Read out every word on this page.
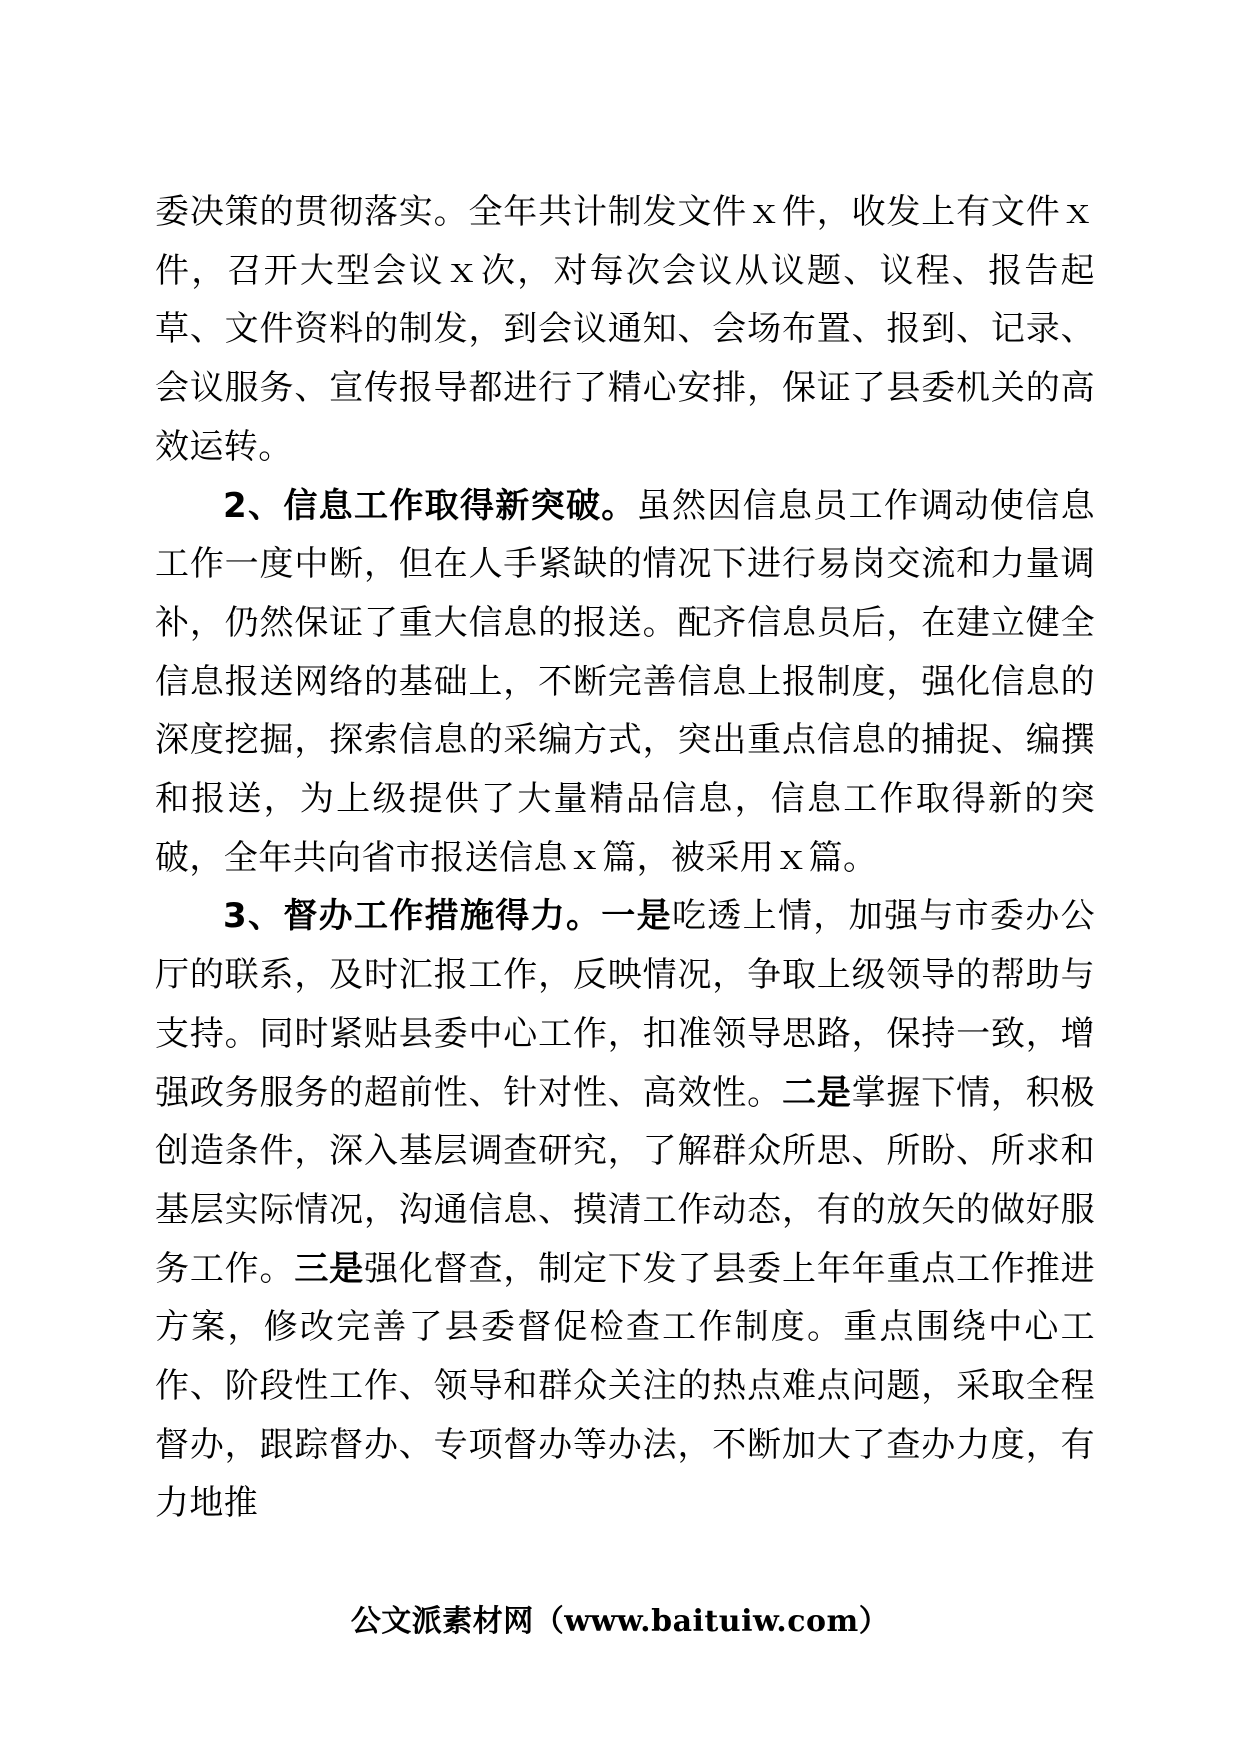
委决策的贯彻落实。全年共计制发文件ｘ件，收发上有文件ｘ件，召开大型会议ｘ次，对每次会议从议题、议程、报告起草、文件资料的制发，到会议通知、会场布置、报到、记录、会议服务、宣传报导都进行了精心安排，保证了县委机关的高效运转。

2、信息工作取得新突破。虽然因信息员工作调动使信息工作一度中断，但在人手紧缺的情况下进行易岗交流和力量调补，仍然保证了重大信息的报送。配齐信息员后，在建立健全信息报送网络的基础上，不断完善信息上报制度，强化信息的深度挖掘，探索信息的采编方式，突出重点信息的捕捉、编撰和报送，为上级提供了大量精品信息，信息工作取得新的突破，全年共向省市报送信息ｘ篇，被采用ｘ篇。

3、督办工作措施得力。一是吃透上情，加强与市委办公厅的联系，及时汇报工作，反映情况，争取上级领导的帮助与支持。同时紧贴县委中心工作，扣准领导思路，保持一致，增强政务服务的超前性、针对性、高效性。二是掌握下情，积极创造条件，深入基层调查研究，了解群众所思、所盼、所求和基层实际情况，沟通信息、摸清工作动态，有的放矢的做好服务工作。三是强化督查，制定下发了县委上年年重点工作推进方案，修改完善了县委督促检查工作制度。重点围绕中心工作、阶段性工作、领导和群众关注的热点难点问题，采取全程督办，跟踪督办、专项督办等办法，不断加大了查办力度，有力地推

公文派素材网（www.baituiw.com）
